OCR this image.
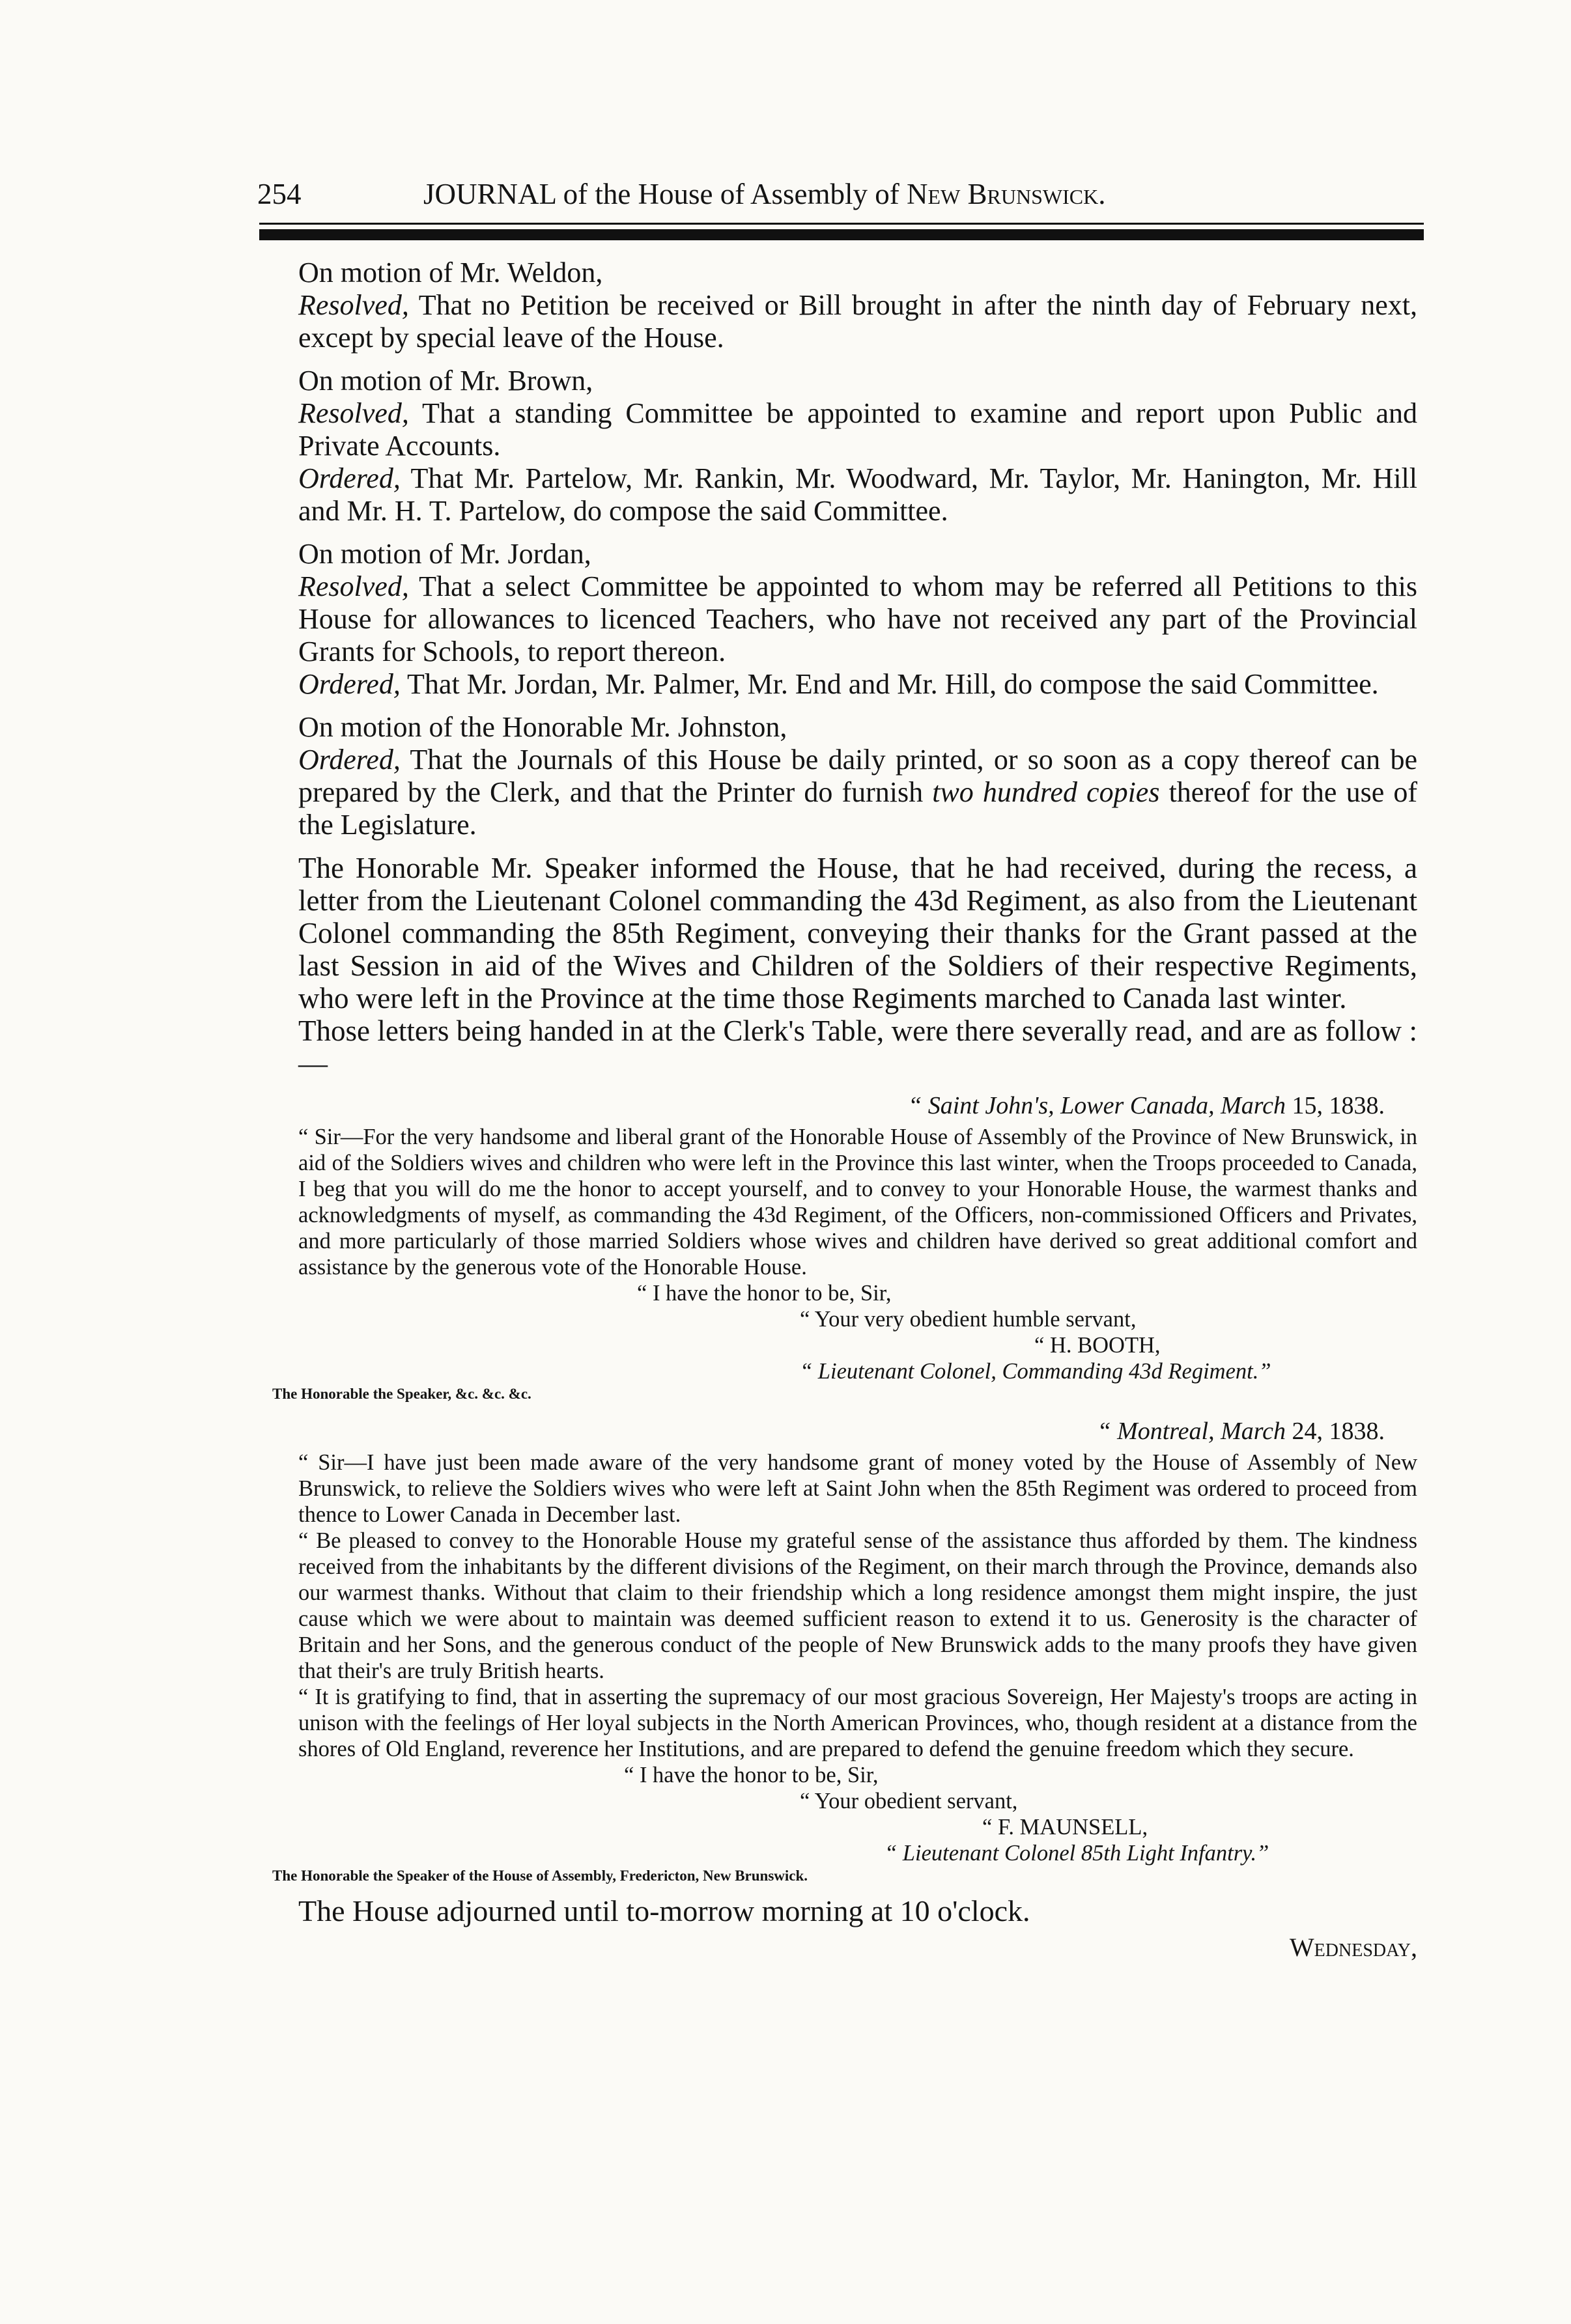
254	JOURNAL of the House of Assembly of New Brunswick.

On motion of Mr. Weldon,

Resolved, That no Petition be received or Bill brought in after the ninth day of February next, except by special leave of the House.

On motion of Mr. Brown,

Resolved, That a standing Committee be appointed to examine and report upon Public and Private Accounts.

Ordered, That Mr. Partelow, Mr. Rankin, Mr. Woodward, Mr. Taylor, Mr. Hanington, Mr. Hill and Mr. H. T. Partelow, do compose the said Committee.

On motion of Mr. Jordan,

Resolved, That a select Committee be appointed to whom may be referred all Petitions to this House for allowances to licenced Teachers, who have not received any part of the Provincial Grants for Schools, to report thereon.

Ordered, That Mr. Jordan, Mr. Palmer, Mr. End and Mr. Hill, do compose the said Committee.

On motion of the Honorable Mr. Johnston,

Ordered, That the Journals of this House be daily printed, or so soon as a copy thereof can be prepared by the Clerk, and that the Printer do furnish two hundred copies thereof for the use of the Legislature.

The Honorable Mr. Speaker informed the House, that he had received, during the recess, a letter from the Lieutenant Colonel commanding the 43d Regiment, as also from the Lieutenant Colonel commanding the 85th Regiment, conveying their thanks for the Grant passed at the last Session in aid of the Wives and Children of the Soldiers of their respective Regiments, who were left in the Province at the time those Regiments marched to Canada last winter.

Those letters being handed in at the Clerk's Table, were there severally read, and are as follow :—

“ Saint John's, Lower Canada, March 15, 1838.

“ Sir—For the very handsome and liberal grant of the Honorable House of Assembly of the Province of New Brunswick, in aid of the Soldiers wives and children who were left in the Province this last winter, when the Troops proceeded to Canada, I beg that you will do me the honor to accept yourself, and to convey to your Honorable House, the warmest thanks and acknowledgments of myself, as commanding the 43d Regiment, of the Officers, non-commissioned Officers and Privates, and more particularly of those married Soldiers whose wives and children have derived so great additional comfort and assistance by the generous vote of the Honorable House.

“ I have the honor to be, Sir,

“ Your very obedient humble servant,

“ H. BOOTH,

“ Lieutenant Colonel, Commanding 43d Regiment.”

The Honorable the Speaker, &c. &c. &c.

“ Montreal, March 24, 1838.

“ Sir—I have just been made aware of the very handsome grant of money voted by the House of Assembly of New Brunswick, to relieve the Soldiers wives who were left at Saint John when the 85th Regiment was ordered to proceed from thence to Lower Canada in December last.

“ Be pleased to convey to the Honorable House my grateful sense of the assistance thus afforded by them. The kindness received from the inhabitants by the different divisions of the Regiment, on their march through the Province, demands also our warmest thanks. Without that claim to their friendship which a long residence amongst them might inspire, the just cause which we were about to maintain was deemed sufficient reason to extend it to us. Generosity is the character of Britain and her Sons, and the generous conduct of the people of New Brunswick adds to the many proofs they have given that their's are truly British hearts.

“ It is gratifying to find, that in asserting the supremacy of our most gracious Sovereign, Her Majesty's troops are acting in unison with the feelings of Her loyal subjects in the North American Provinces, who, though resident at a distance from the shores of Old England, reverence her Institutions, and are prepared to defend the genuine freedom which they secure.

“ I have the honor to be, Sir,

“ Your obedient servant,

“ F. MAUNSELL,

“ Lieutenant Colonel 85th Light Infantry.”

The Honorable the Speaker of the House of Assembly, Fredericton, New Brunswick.

The House adjourned until to-morrow morning at 10 o'clock.

Wednesday,
